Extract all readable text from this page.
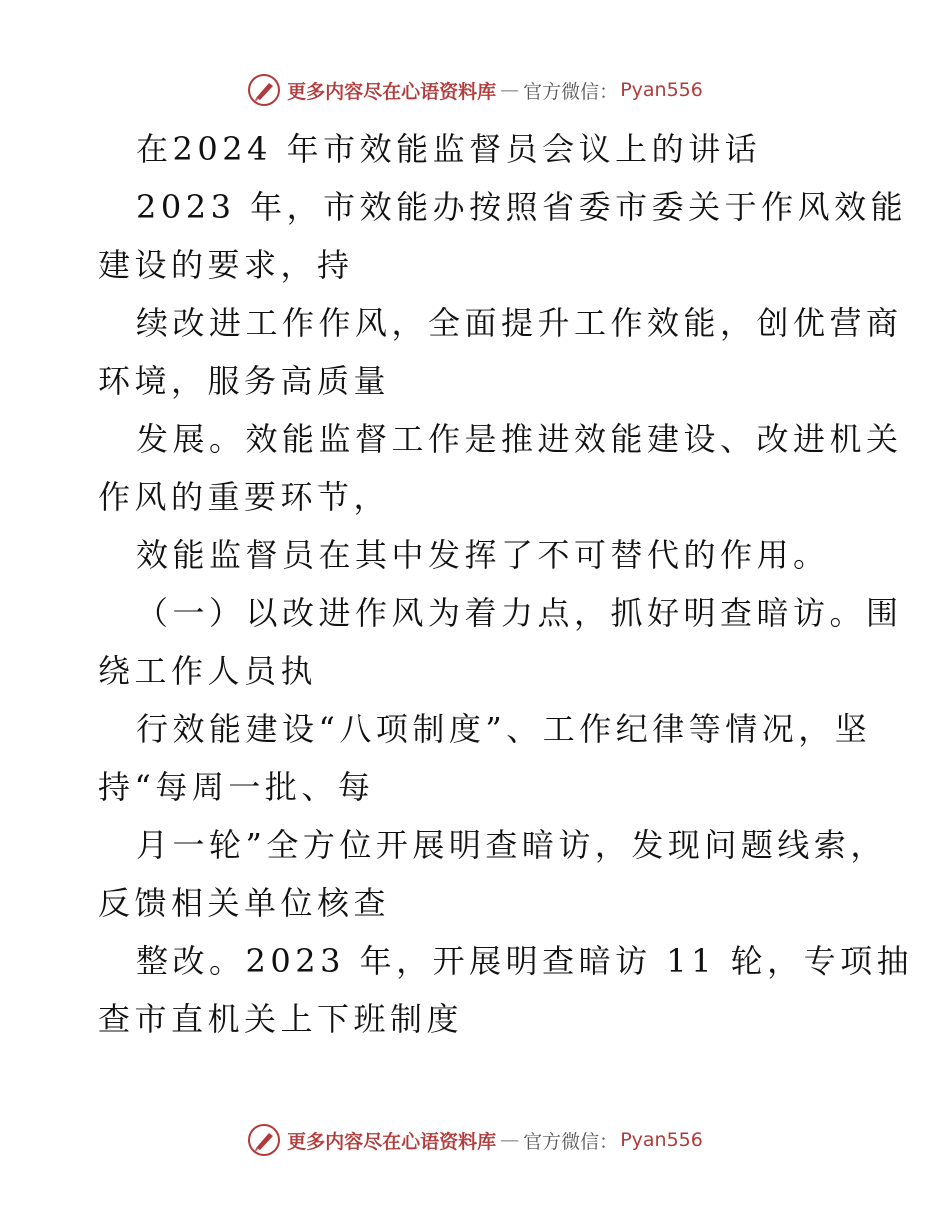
更多内容尽在心语资料库 — 官方微信： Pyan556
在2024 年市效能监督员会议上的讲话
2023 年，市效能办按照省委市委关于作风效能
建设的要求，持
续改进工作作风，全面提升工作效能，创优营商
环境，服务高质量
发展。效能监督工作是推进效能建设、改进机关
作风的重要环节，
效能监督员在其中发挥了不可替代的作用。
（一）以改进作风为着力点，抓好明查暗访。围
绕工作人员执
行效能建设“八项制度”、工作纪律等情况，坚
持“每周一批、每
月一轮”全方位开展明查暗访，发现问题线索，
反馈相关单位核查
整改。2023 年，开展明查暗访 11 轮，专项抽
查市直机关上下班制度
更多内容尽在心语资料库 — 官方微信： Pyan556
